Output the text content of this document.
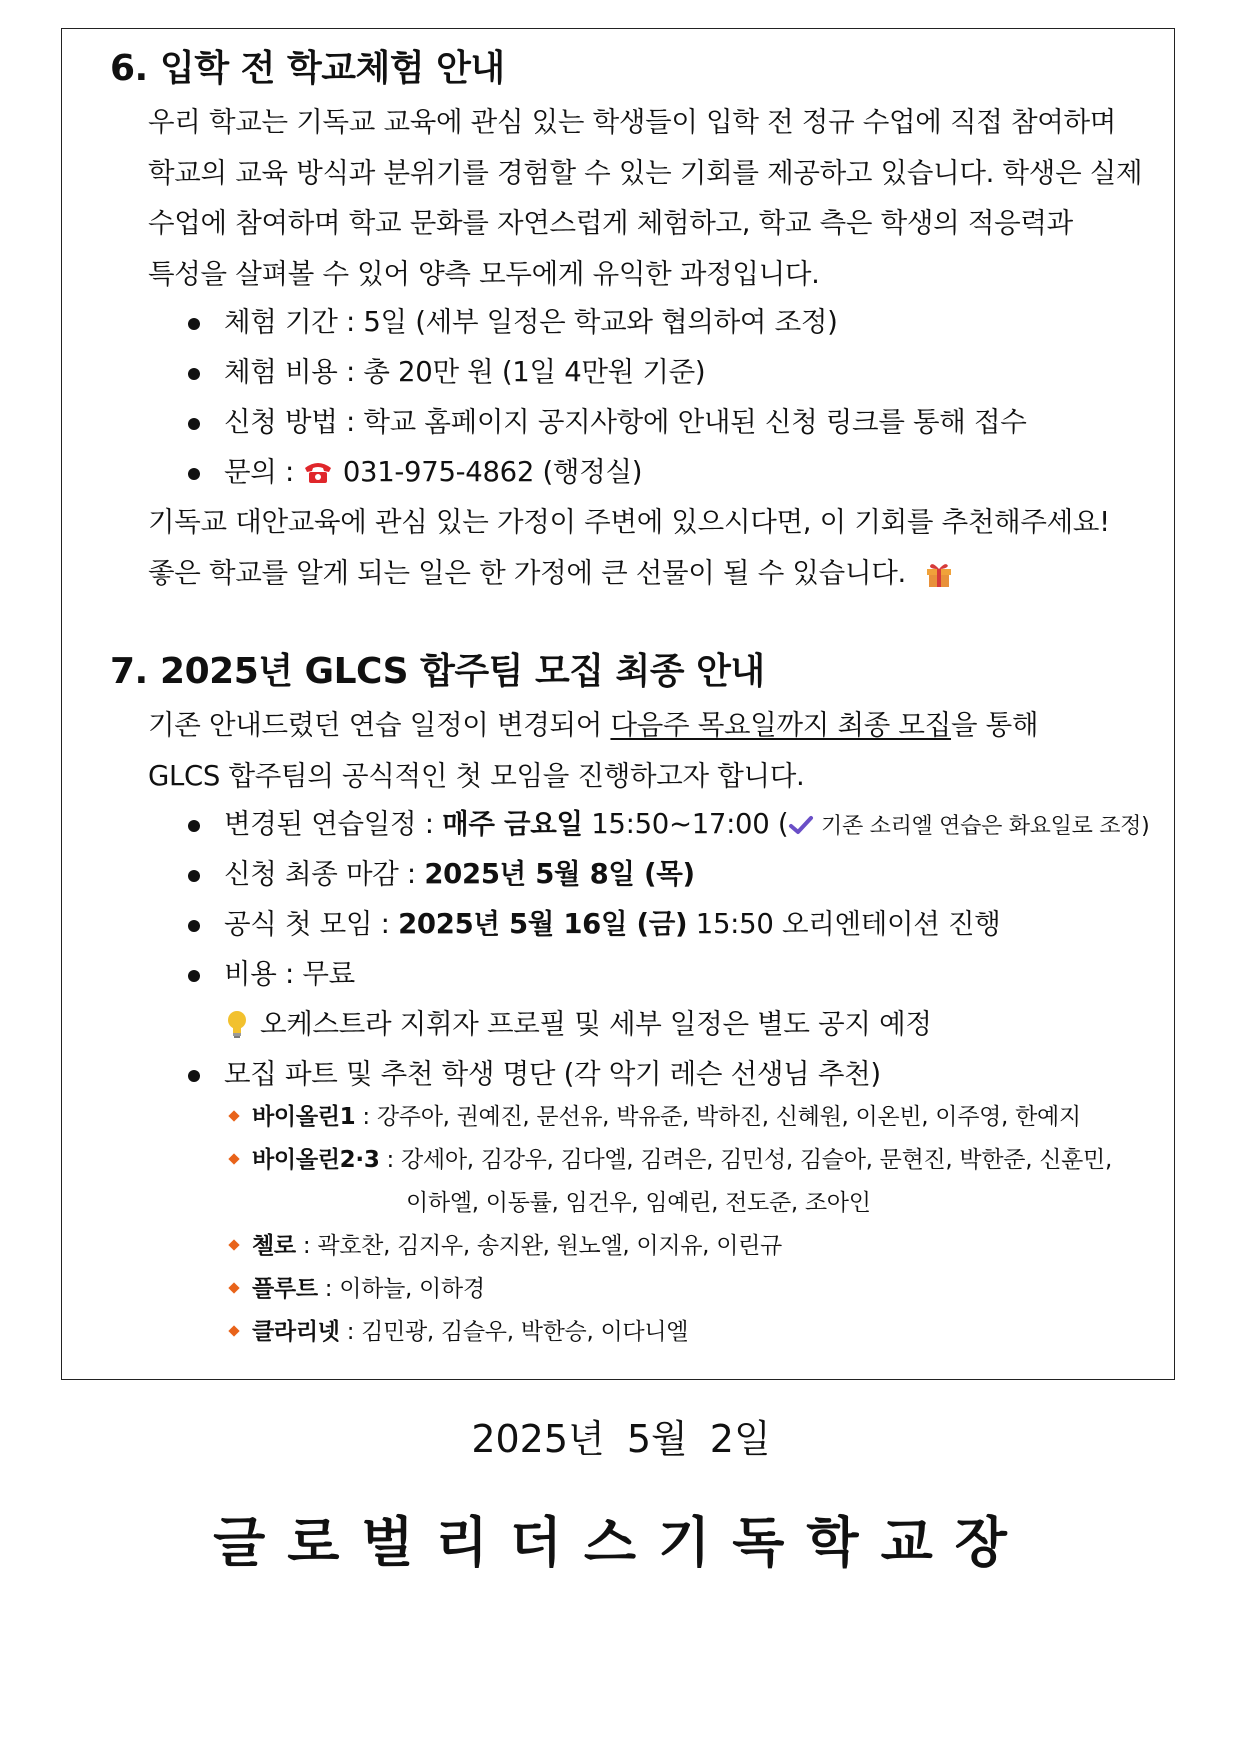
6. 입학 전 학교체험 안내
우리 학교는 기독교 교육에 관심 있는 학생들이 입학 전 정규 수업에 직접 참여하며
학교의 교육 방식과 분위기를 경험할 수 있는 기회를 제공하고 있습니다. 학생은 실제
수업에 참여하며 학교 문화를 자연스럽게 체험하고, 학교 측은 학생의 적응력과
특성을 살펴볼 수 있어 양측 모두에게 유익한 과정입니다.
체험 기간 : 5일 (세부 일정은 학교와 협의하여 조정)
체험 비용 : 총 20만 원 (1일 4만원 기준)
신청 방법 : 학교 홈페이지 공지사항에 안내된 신청 링크를 통해 접수
문의 : 031-975-4862 (행정실)
기독교 대안교육에 관심 있는 가정이 주변에 있으시다면, 이 기회를 추천해주세요!
좋은 학교를 알게 되는 일은 한 가정에 큰 선물이 될 수 있습니다.
7. 2025년 GLCS 합주팀 모집 최종 안내
기존 안내드렸던 연습 일정이 변경되어 다음주 목요일까지 최종 모집을 통해
GLCS 합주팀의 공식적인 첫 모임을 진행하고자 합니다.
변경된 연습일정 : 매주 금요일 15:50~17:00 ( 기존 소리엘 연습은 화요일로 조정)
신청 최종 마감 : 2025년 5월 8일 (목)
공식 첫 모임 : 2025년 5월 16일 (금) 15:50 오리엔테이션 진행
비용 : 무료
오케스트라 지휘자 프로필 및 세부 일정은 별도 공지 예정
모집 파트 및 추천 학생 명단 (각 악기 레슨 선생님 추천)
바이올린1 : 강주아, 권예진, 문선유, 박유준, 박하진, 신혜원, 이온빈, 이주영, 한예지
바이올린2·3 : 강세아, 김강우, 김다엘, 김려은, 김민성, 김슬아, 문현진, 박한준, 신훈민,
이하엘, 이동률, 임건우, 임예린, 전도준, 조아인
첼로 : 곽호찬, 김지우, 송지완, 원노엘, 이지유, 이린규
플루트 : 이하늘, 이하경
클라리넷 : 김민광, 김슬우, 박한승, 이다니엘
2025년 5월 2일
글로벌리더스기독학교장
